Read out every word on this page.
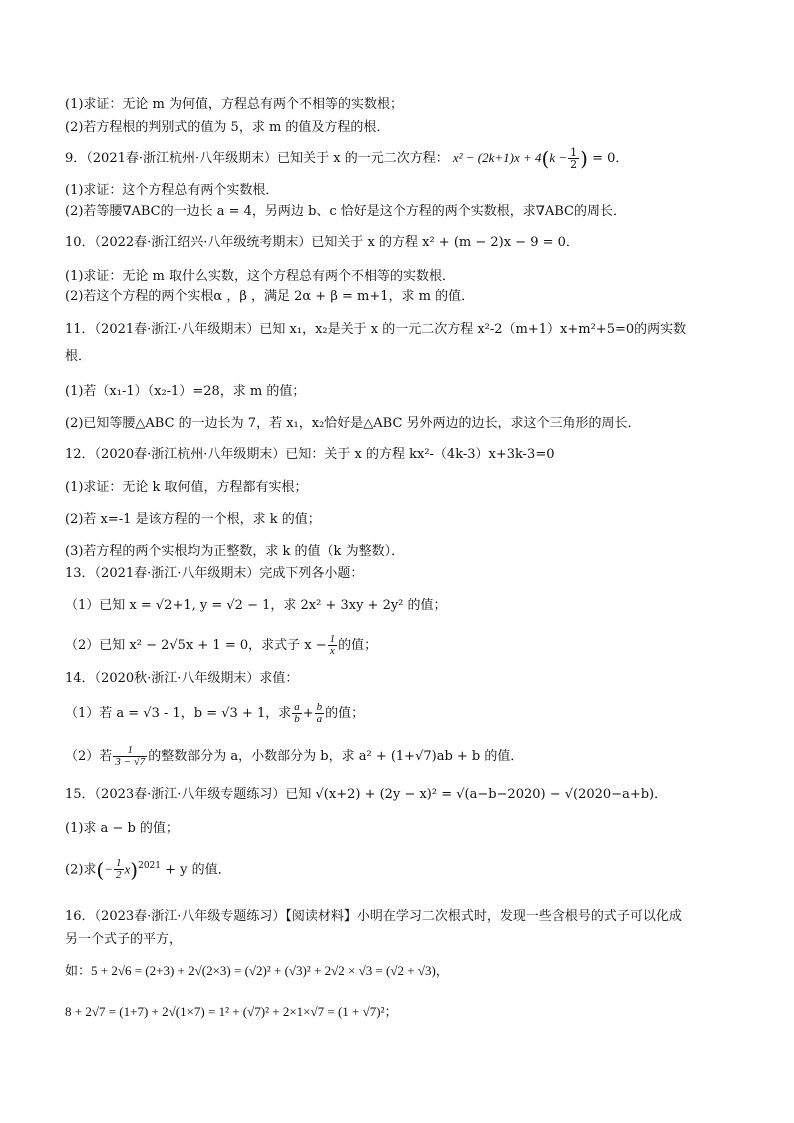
(1)求证：无论 m 为何值，方程总有两个不相等的实数根；
(2)若方程根的判别式的值为 5，求 m 的值及方程的根．
9．（2021春·浙江杭州·八年级期末）已知关于 x 的一元二次方程： $x^2 - (2k+1)x + 4(k - \frac{1}{2}$ ) = 0．
(1)求证：这个方程总有两个实数根．
(2)若等腰∇ABC的一边长 a = 4，另两边 b、c 恰好是这个方程的两个实数根，求∇ABC的周长．
10．（2022春·浙江绍兴·八年级统考期末）已知关于 x 的方程 x² + (m − 2)x − 9 = 0．
(1)求证：无论 m 取什么实数，这个方程总有两个不相等的实数根．
(2)若这个方程的两个实根α ，β ，满足 2α + β = m+1，求 m 的值．
11．（2021春·浙江·八年级期末）已知 x₁，x₂是关于 x 的一元二次方程 x²-2（m+1）x+m²+5=0的两实数
根．
(1)若（x₁-1）（x₂-1）=28，求 m 的值；
(2)已知等腰△ABC 的一边长为 7，若 x₁，x₂恰好是△ABC 另外两边的边长，求这个三角形的周长．
12．（2020春·浙江杭州·八年级期末）已知：关于 x 的方程 kx²-（4k-3）x+3k-3=0
(1)求证：无论 k 取何值，方程都有实根；
(2)若 x=-1 是该方程的一个根，求 k 的值；
(3)若方程的两个实根均为正整数，求 k 的值（k 为整数）．
13．（2021春·浙江·八年级期末）完成下列各小题：
（1）已知 x = √2+1, y = √2 − 1，求 2x² + 3xy + 2y² 的值；
（2）已知 x² − 2√5x + 1 = 0，求式子 $x - \frac{1}{x}$ 的值；
14．（2020秋·浙江·八年级期末）求值：
（1）若 a = √3 - 1，b = √3 + 1，求 $\frac{a}{b} + \frac{b}{a}$ 的值；
（2）若 $\frac{1}{3 - √7}$ 的整数部分为 a，小数部分为 b，求 a² + (1+√7)ab + b 的值．
15．（2023春·浙江·八年级专题练习）已知 √(x+2) + (2y − x)² = √(a−b−2020) − √(2020−a+b)．
(1)求 a − b 的值；
(2)求(− $\frac{1}{2} x)^{2021} + y$ 的值．
16．（2023春·浙江·八年级专题练习）【阅读材料】小明在学习二次根式时，发现一些含根号的式子可以化成
另一个式子的平方，
如：5 + 2√6 = (2+3) + 2√(2×3) = (√2)² + (√3)² + 2√2 × √3 = (√2 + √3)，
8 + 2√7 = (1+7) + 2√(1×7) = 1² + (√7)² + 2×1×√7 = (1 + √7)²；
